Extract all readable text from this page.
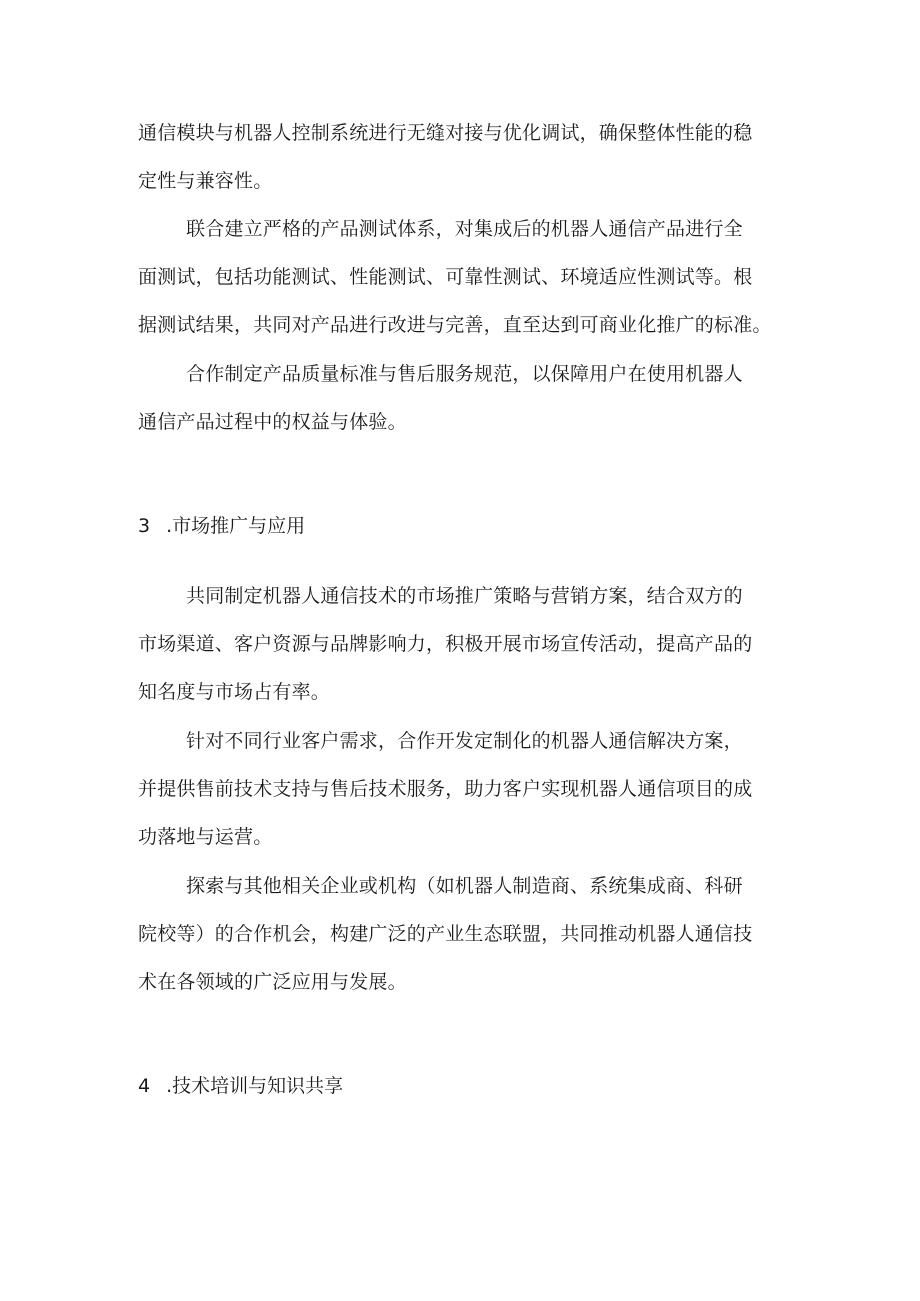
通信模块与机器人控制系统进行无缝对接与优化调试，确保整体性能的稳
定性与兼容性。
联合建立严格的产品测试体系，对集成后的机器人通信产品进行全
面测试，包括功能测试、性能测试、可靠性测试、环境适应性测试等。根
据测试结果，共同对产品进行改进与完善，直至达到可商业化推广的标准。
合作制定产品质量标准与售后服务规范，以保障用户在使用机器人
通信产品过程中的权益与体验。
3 .市场推广与应用
共同制定机器人通信技术的市场推广策略与营销方案，结合双方的
市场渠道、客户资源与品牌影响力，积极开展市场宣传活动，提高产品的
知名度与市场占有率。
针对不同行业客户需求，合作开发定制化的机器人通信解决方案，
并提供售前技术支持与售后技术服务，助力客户实现机器人通信项目的成
功落地与运营。
探索与其他相关企业或机构（如机器人制造商、系统集成商、科研
院校等）的合作机会，构建广泛的产业生态联盟，共同推动机器人通信技
术在各领域的广泛应用与发展。
4 .技术培训与知识共享
